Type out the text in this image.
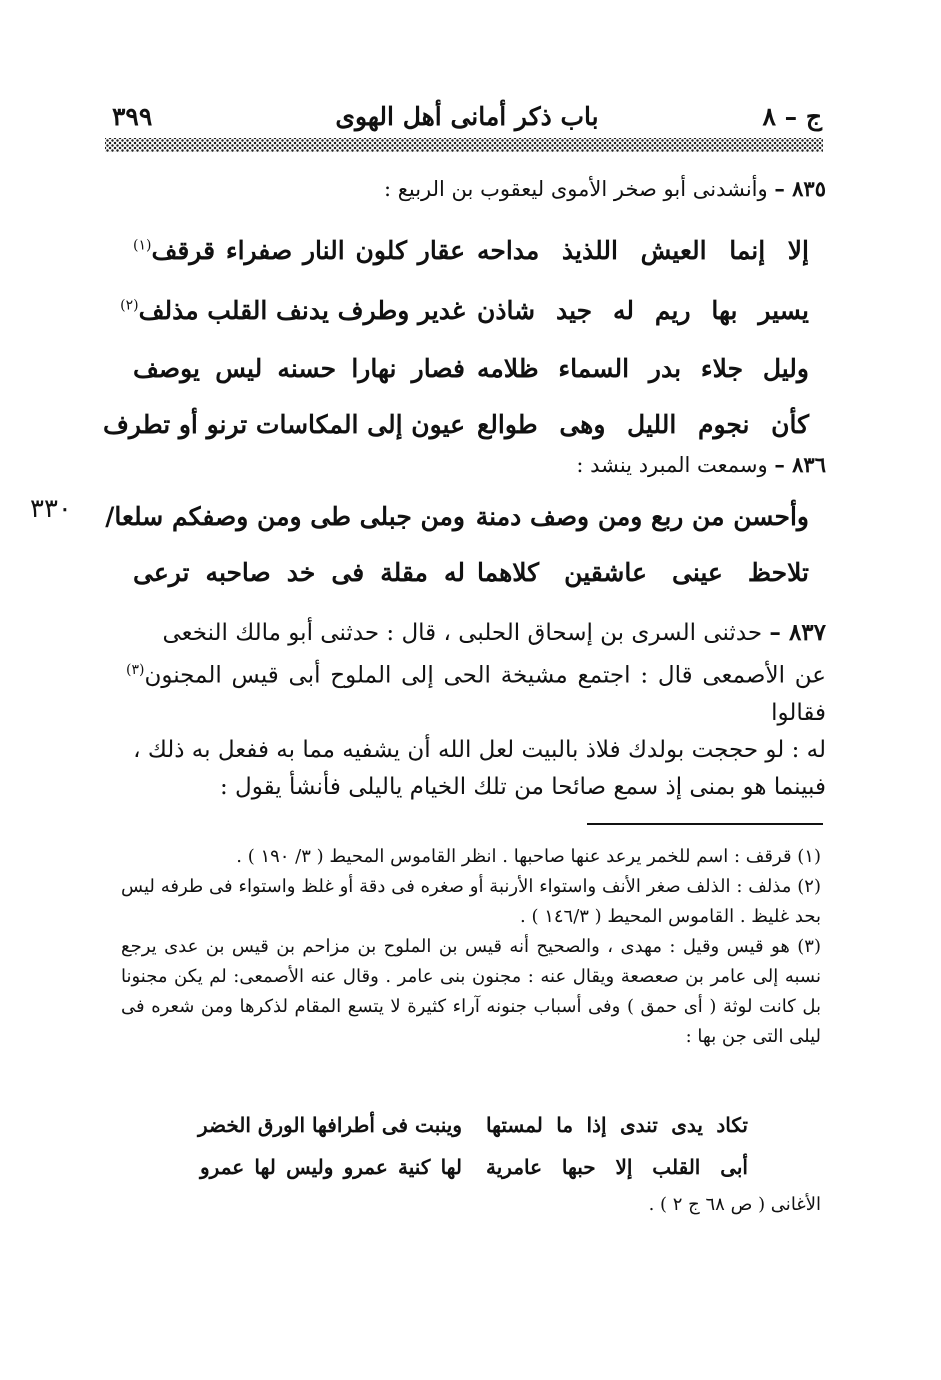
ج – ٨
باب ذكر أمانى أهل الهوى
٣٩٩
٨٣٥ – وأنشدنى أبو صخر الأموى ليعقوب بن الربيع :
إلا إنما العيش اللذيذ مداحه
عقار كلون النار صفراء قرقف$^{(١)}$
يسير بها ريم له جيد شاذن
غدير وطرف يدنف القلب مذلف$^{(٢)}$
وليل جلاء بدر السماء ظلامه
فصار نهارا حسنه ليس يوصف
كأن نجوم الليل وهى طوالع
عيون إلى المكاسات ترنو أو تطرف
٨٣٦ – وسمعت المبرد ينشد :
٣٣٠	وأحسن من ربع ومن وصف دمنة
ومن جبلى طى ومن وصفكم سلعا/
تلاحظ عينى عاشقين كلاهما
له مقلة فى خد صاحبه ترعى
٨٣٧ – حدثنى السرى بن إسحاق الحلبى ، قال : حدثنى أبو مالك النخعى
عن الأصمعى قال : اجتمع مشيخة الحى إلى الملوح أبى قيس المجنون$^{(٣)}$ فقالوا
له : لو حججت بولدك فلاذ بالبيت لعل الله أن يشفيه مما به ففعل به ذلك ،
فبينما هو بمنى إذ سمع صائحا من تلك الخيام ياليلى فأنشأ يقول :

(١) قرقف : اسم للخمر يرعد عنها صاحبها . انظر القاموس المحيط ( ٣/ ١٩٠ ) .

(٢) مذلف : الذلف صغر الأنف واستواء الأرنبة أو صغره فى دقة أو غلظ واستواء فى طرفه ليس بحد غليظ . القاموس المحيط ( ١٤٦/٣ ) .

(٣) هو قيس وقيل : مهدى ، والصحيح أنه قيس بن الملوح بن مزاحم بن قيس بن عدى يرجع نسبه إلى عامر بن صعصعة ويقال عنه : مجنون بنى عامر . وقال عنه الأصمعى: لم يكن مجنونا بل كانت لوثة ( أى حمق ) وفى أسباب جنونه آراء كثيرة لا يتسع المقام لذكرها ومن شعره فى ليلى التى جن بها :

تكاد يدى تندى إذا ما لمستها
وينبت فى أطرافها الورق الخضر
أبى القلب إلا حبها عامرية
لها كنية عمرو وليس لها عمرو
الأغانى ( ص ٦٨ ج ٢ ) .
